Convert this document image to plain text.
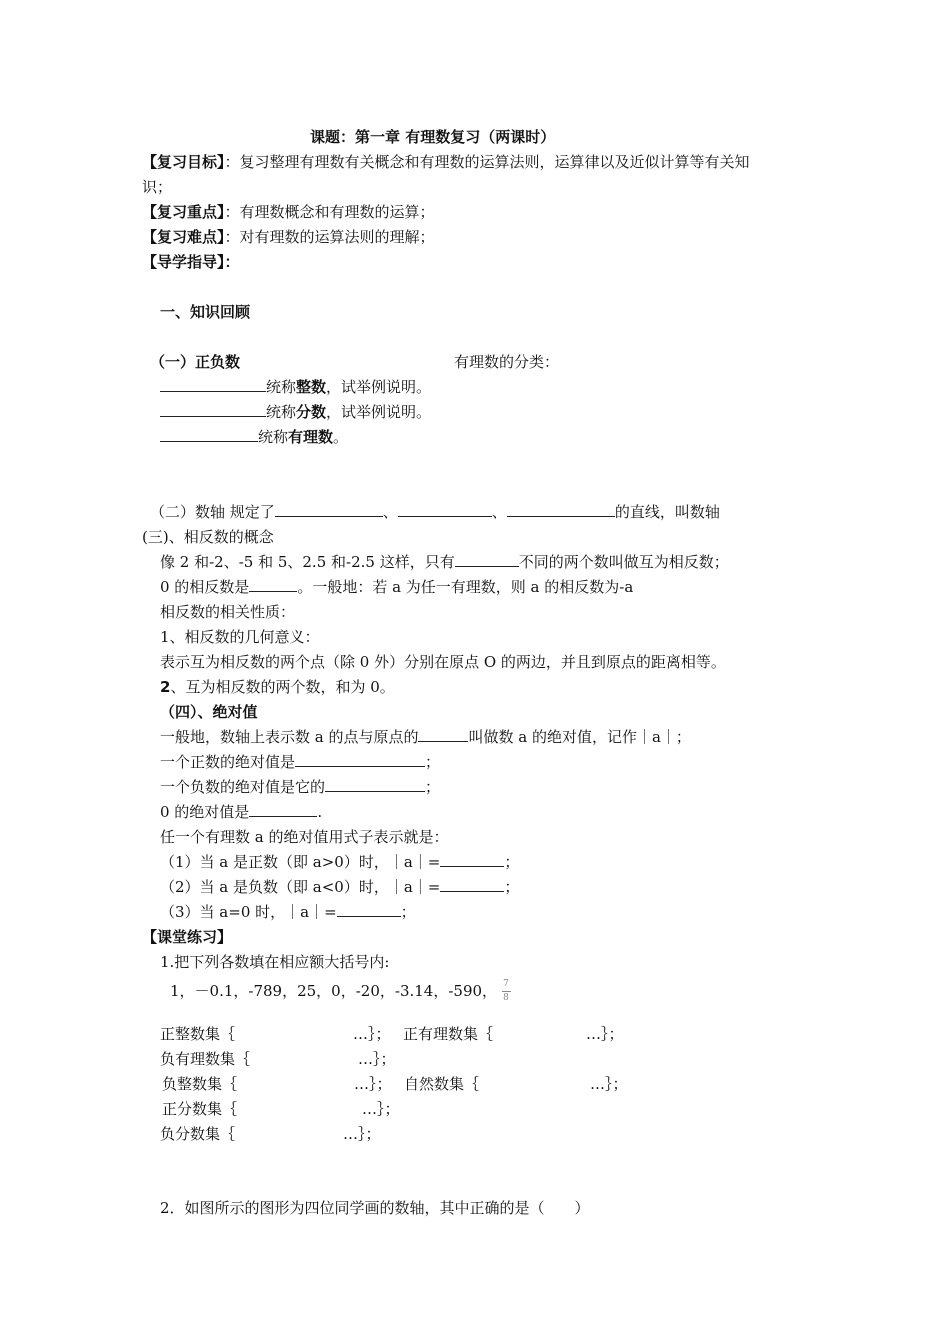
课题：第一章 有理数复习（两课时）
【复习目标】：复习整理有理数有关概念和有理数的运算法则，运算律以及近似计算等有关知
识；
【复习重点】：有理数概念和有理数的运算；
【复习难点】：对有理数的运算法则的理解；
【导学指导】：
一、知识回顾
（一）正负数	有理数的分类：
统称整数，试举例说明。
统称分数，试举例说明。
统称有理数。
（二）数轴 规定了	、	、	的直线，叫数轴
(三)、相反数的概念
像 2 和-2、-5 和 5、2.5 和-2.5 这样，只有	不同的两个数叫做互为相反数；
0 的相反数是	。一般地：若 a 为任一有理数，则 a 的相反数为-a
相反数的相关性质：
1、相反数的几何意义：
表示互为相反数的两个点（除 0 外）分别在原点 O 的两边，并且到原点的距离相等。
2、互为相反数的两个数，和为 0。
（四）、绝对值
一般地，数轴上表示数 a 的点与原点的	叫做数 a 的绝对值，记作｜a｜；
一个正数的绝对值是	；
一个负数的绝对值是它的	；
0 的绝对值是	.
任一个有理数 a 的绝对值用式子表示就是：
（1）当 a 是正数（即 a>0）时，｜a｜=	；
（2）当 a 是负数（即 a<0）时，｜a｜=	；
（3）当 a=0 时，｜a｜=	；
【课堂练习】
1.把下列各数填在相应额大括号内:
1，－0.1，-789，25，0，-20，-3.14，-590， $\frac{7}{8}$
正整数集｛	…｝； 正有理数集｛	…｝；
负有理数集｛	…｝；
负整数集｛	…｝； 自然数集｛	…｝；
正分数集｛	…｝；
负分数集｛	…｝；
2．如图所示的图形为四位同学画的数轴，其中正确的是（　　）
